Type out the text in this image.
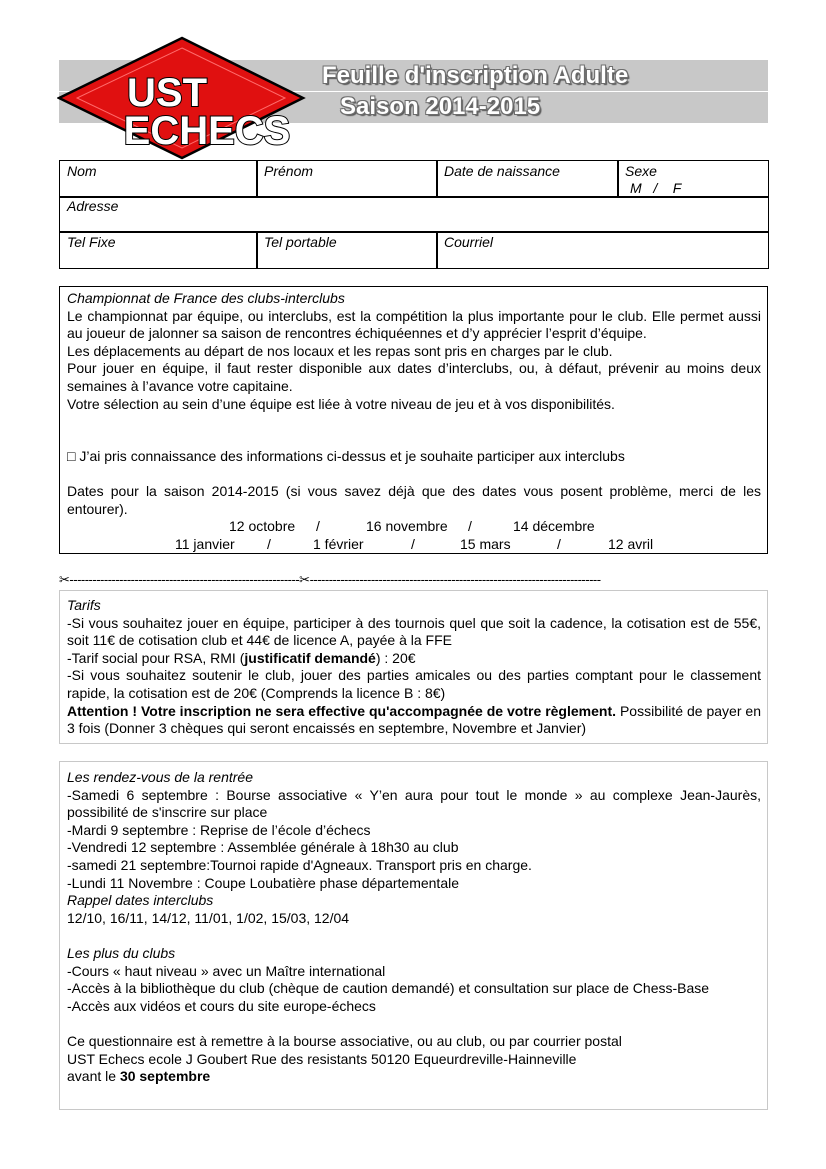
Feuille d'inscription Adulte
Saison 2014-2015
UST
ECHECS
Nom	Prénom	Date de naissance	Sexe
M   /    F
Adresse
Tel Fixe	Tel portable	Courriel
Championnat de France des clubs-interclubs
Le championnat par équipe, ou interclubs, est la compétition la plus importante pour le club. Elle permet aussi au joueur de jalonner sa saison de rencontres échiquéennes et d’y apprécier l’esprit d’équipe.
Les déplacements au départ de nos locaux et les repas sont pris en charges par le club.
Pour jouer en équipe, il faut rester disponible aux dates d’interclubs, ou, à défaut, prévenir au moins deux semaines à l’avance votre capitaine.
Votre sélection au sein d’une équipe est liée à votre niveau de jeu et à vos disponibilités.
□ J’ai pris connaissance des informations ci-dessus et je souhaite participer aux interclubs
Dates pour la saison 2014-2015 (si vous savez déjà que des dates vous posent problème, merci de les entourer).
12 octobre /	16 novembre /	14 décembre
11 janvier /	1 février	/	15 mars	/	12 avril
✂------------------------------------------------------------✂----------------------------------------------------------------------------
Tarifs
-Si vous souhaitez jouer en équipe, participer à des tournois quel que soit la cadence, la cotisation est de 55€, soit 11€ de cotisation club et 44€ de licence A, payée à la FFE
-Tarif social pour RSA, RMI (justificatif demandé) : 20€
-Si vous souhaitez soutenir le club, jouer des parties amicales ou des parties comptant pour le classement rapide, la cotisation est de 20€ (Comprends la licence B : 8€)
Attention ! Votre inscription ne sera effective qu'accompagnée de votre règlement. Possibilité de payer en 3 fois (Donner 3 chèques qui seront encaissés en septembre, Novembre et Janvier)
Les rendez-vous de la rentrée
-Samedi 6 septembre : Bourse associative « Y’en aura pour tout le monde » au complexe Jean-Jaurès, possibilité de s'inscrire sur place
-Mardi 9 septembre : Reprise de l’école d’échecs
-Vendredi 12 septembre : Assemblée générale à 18h30 au club
-samedi 21 septembre:Tournoi rapide d'Agneaux. Transport pris en charge.
-Lundi 11 Novembre : Coupe Loubatière phase départementale
Rappel dates interclubs
12/10, 16/11, 14/12, 11/01, 1/02, 15/03, 12/04

Les plus du clubs
-Cours « haut niveau » avec un Maître international
-Accès à la bibliothèque du club (chèque de caution demandé) et consultation sur place de Chess-Base
-Accès aux vidéos et cours du site europe-échecs

Ce questionnaire est à remettre à la bourse associative, ou au club, ou par courrier postal
UST Echecs ecole J Goubert Rue des resistants 50120 Equeurdreville-Hainneville
avant le 30 septembre
